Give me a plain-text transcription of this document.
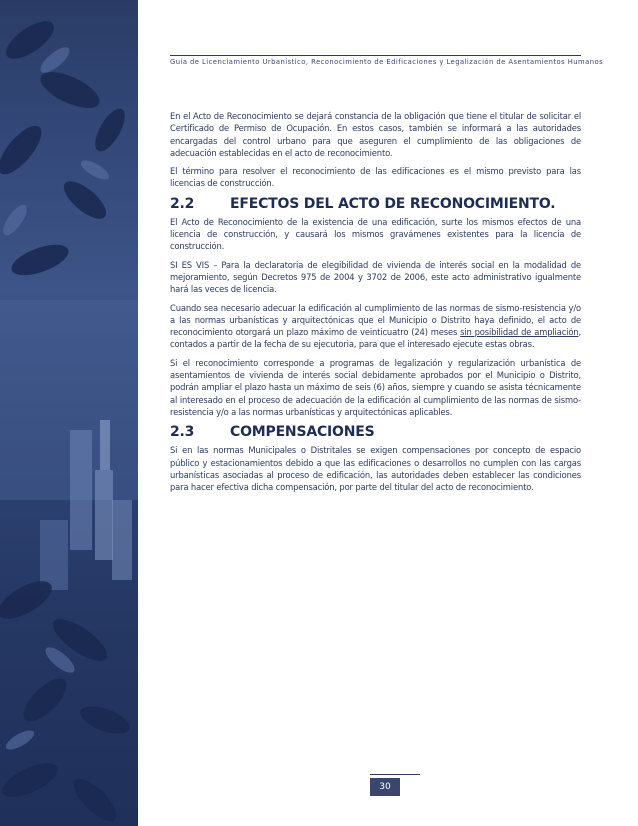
Guía de Licenciamiento Urbanístico, Reconocimiento de Edificaciones y Legalización de Asentamientos Humanos

En el Acto de Reconocimiento se dejará constancia de la obligación que tiene el titular de solicitar el Certificado de Permiso de Ocupación. En estos casos, también se informará a las autoridades encargadas del control urbano para que aseguren el cumplimiento de las obligaciones de adecuación establecidas en el acto de reconocimiento.

El término para resolver el reconocimiento de las edificaciones es el mismo previsto para las licencias de construcción.

2.2	EFECTOS DEL ACTO DE RECONOCIMIENTO.

El Acto de Reconocimiento de la existencia de una edificación, surte los mismos efectos de una licencia de construcción, y causará los mismos gravámenes existentes para la licencia de construcción.

SI ES VIS – Para la declaratoria de elegibilidad de vivienda de interés social en la modalidad de mejoramiento, según Decretos 975 de 2004 y 3702 de 2006, este acto administrativo igualmente hará las veces de licencia.

Cuando sea necesario adecuar la edificación al cumplimiento de las normas de sismo-resistencia y/o a las normas urbanísticas y arquitectónicas que el Municipio o Distrito haya definido, el acto de reconocimiento otorgará un plazo máximo de veinticuatro (24) meses sin posibilidad de ampliación, contados a partir de la fecha de su ejecutoria, para que el interesado ejecute estas obras.

Si el reconocimiento corresponde a programas de legalización y regularización urbanística de asentamientos de vivienda de interés social debidamente aprobados por el Municipio o Distrito, podrán ampliar el plazo hasta un máximo de seis (6) años, siempre y cuando se asista técnicamente al interesado en el proceso de adecuación de la edificación al cumplimiento de las normas de sismo-resistencia y/o a las normas urbanísticas y arquitectónicas aplicables.

2.3	COMPENSACIONES

Si en las normas Municipales o Distritales se exigen compensaciones por concepto de espacio público y estacionamientos debido a que las edificaciones o desarrollos no cumplen con las cargas urbanísticas asociadas al proceso de edificación, las autoridades deben establecer las condiciones para hacer efectiva dicha compensación, por parte del titular del acto de reconocimiento.

30
